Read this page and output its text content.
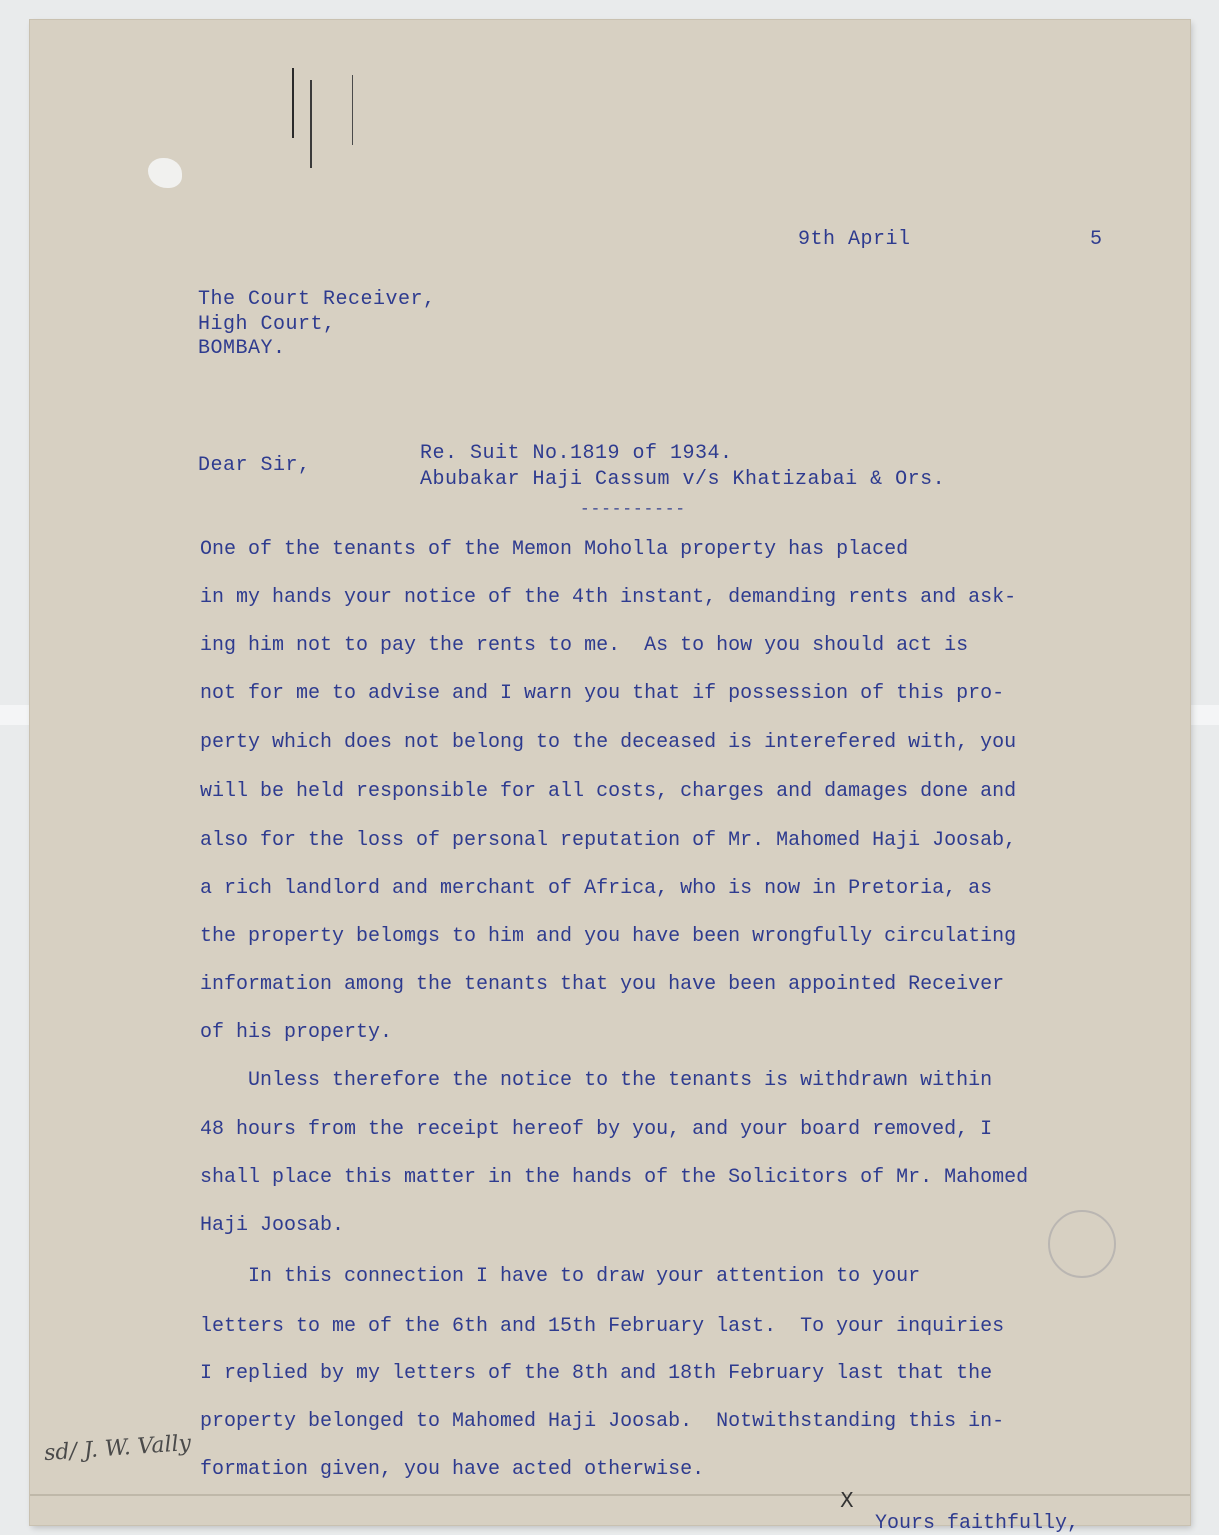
9th April	5
The Court Receiver,
High Court,
BOMBAY.
Dear Sir,
Re. Suit No.1819 of 1934.
Abubakar Haji Cassum v/s Khatizabai & Ors.
----------
One of the tenants of the Memon Moholla property has placed
in my hands your notice of the 4th instant, demanding rents and ask-
ing him not to pay the rents to me.  As to how you should act is
not for me to advise and I warn you that if possession of this pro-
perty which does not belong to the deceased is interefered with, you
will be held responsible for all costs, charges and damages done and
also for the loss of personal reputation of Mr. Mahomed Haji Joosab,
a rich landlord and merchant of Africa, who is now in Pretoria, as
the property belomgs to him and you have been wrongfully circulating
information among the tenants that you have been appointed Receiver
of his property.
Unless therefore the notice to the tenants is withdrawn within
48 hours from the receipt hereof by you, and your board removed, I
shall place this matter in the hands of the Solicitors of Mr. Mahomed
Haji Joosab.
In this connection I have to draw your attention to your
letters to me of the 6th and 15th February last.  To your inquiries
I replied by my letters of the 8th and 18th February last that the
property belonged to Mahomed Haji Joosab.  Notwithstanding this in-
formation given, you have acted otherwise.
sd/ J. W. Vally
X
Yours faithfully,
